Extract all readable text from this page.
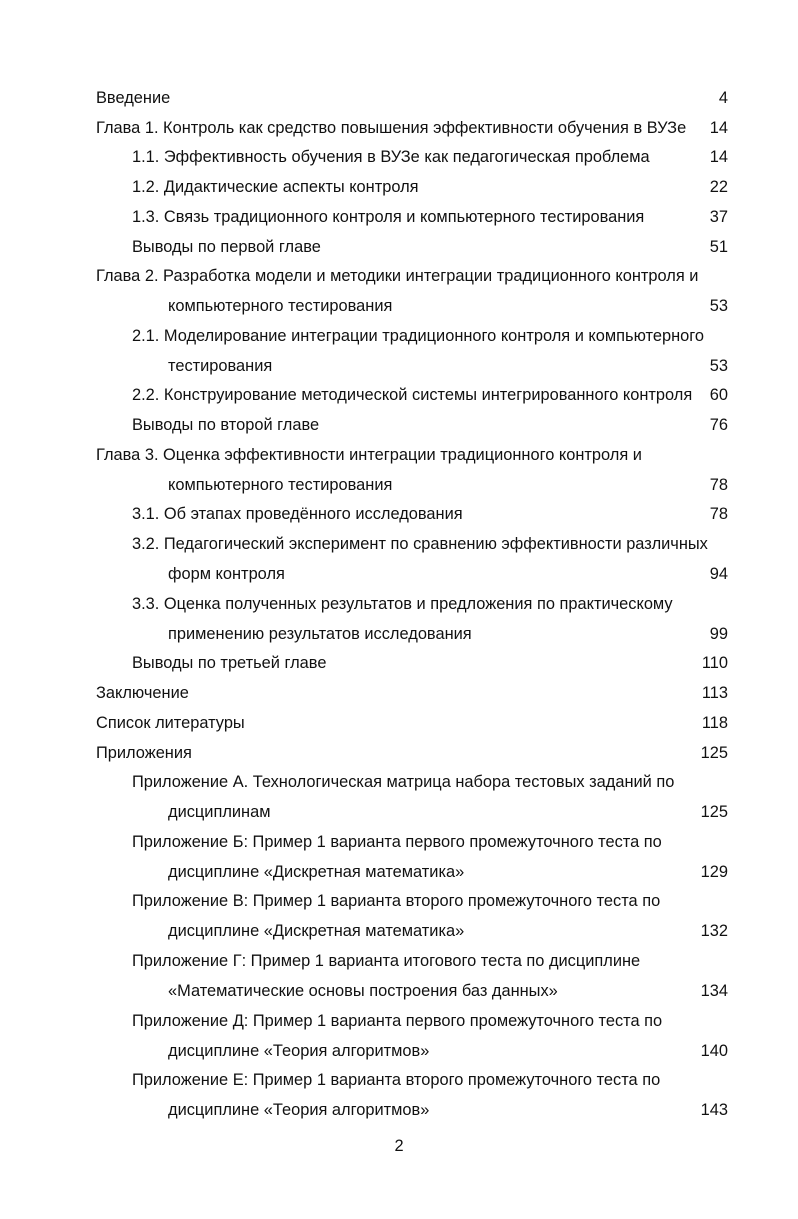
Введение	4
Глава 1. Контроль как средство повышения эффективности обучения в ВУЗе 14
1.1. Эффективность обучения в ВУЗе как педагогическая проблема	14
1.2. Дидактические аспекты контроля	22
1.3. Связь традиционного контроля и компьютерного тестирования	37
Выводы по первой главе	51
Глава 2. Разработка модели и методики интеграции традиционного контроля и
компьютерного тестирования	53
2.1. Моделирование интеграции традиционного контроля и компьютерного
тестирования	53
2.2. Конструирование методической системы интегрированного контроля 60
Выводы по второй главе	76
Глава 3. Оценка эффективности интеграции традиционного контроля и
компьютерного тестирования	78
3.1. Об этапах проведённого исследования	78
3.2. Педагогический эксперимент по сравнению эффективности различных
форм контроля	94
3.3. Оценка полученных результатов и предложения по практическому
применению результатов исследования	99
Выводы по третьей главе	110
Заключение	113
Список литературы	118
Приложения	125
Приложение А. Технологическая матрица набора тестовых заданий по
дисциплинам	125
Приложение Б: Пример 1 варианта первого промежуточного теста по
дисциплине «Дискретная математика»	129
Приложение В: Пример 1 варианта второго промежуточного теста по
дисциплине «Дискретная математика»	132
Приложение Г: Пример 1 варианта итогового теста по дисциплине
«Математические основы построения баз данных»	134
Приложение Д: Пример 1 варианта первого промежуточного теста по
дисциплине «Теория алгоритмов»	140
Приложение Е: Пример 1 варианта второго промежуточного теста по
дисциплине «Теория алгоритмов»	143
2
